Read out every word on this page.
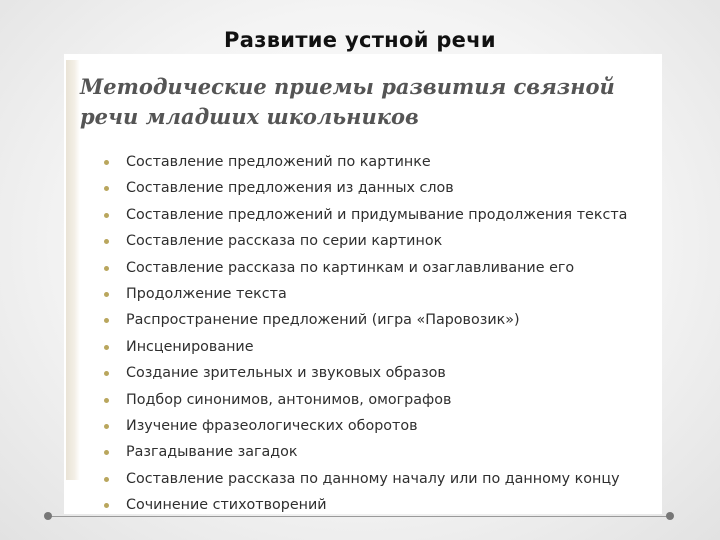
Развитие устной речи
Методические приемы развития связной речи младших школьников
Составление предложений по картинке
Составление предложения из данных слов
Составление предложений и придумывание продолжения текста
Составление рассказа по серии картинок
Составление рассказа по картинкам и озаглавливание его
Продолжение текста
Распространение предложений (игра «Паровозик»)
Инсценирование
Создание зрительных и звуковых образов
Подбор синонимов, антонимов, омографов
Изучение фразеологических оборотов
Разгадывание загадок
Составление рассказа по данному началу или по данному концу
Сочинение стихотворений
